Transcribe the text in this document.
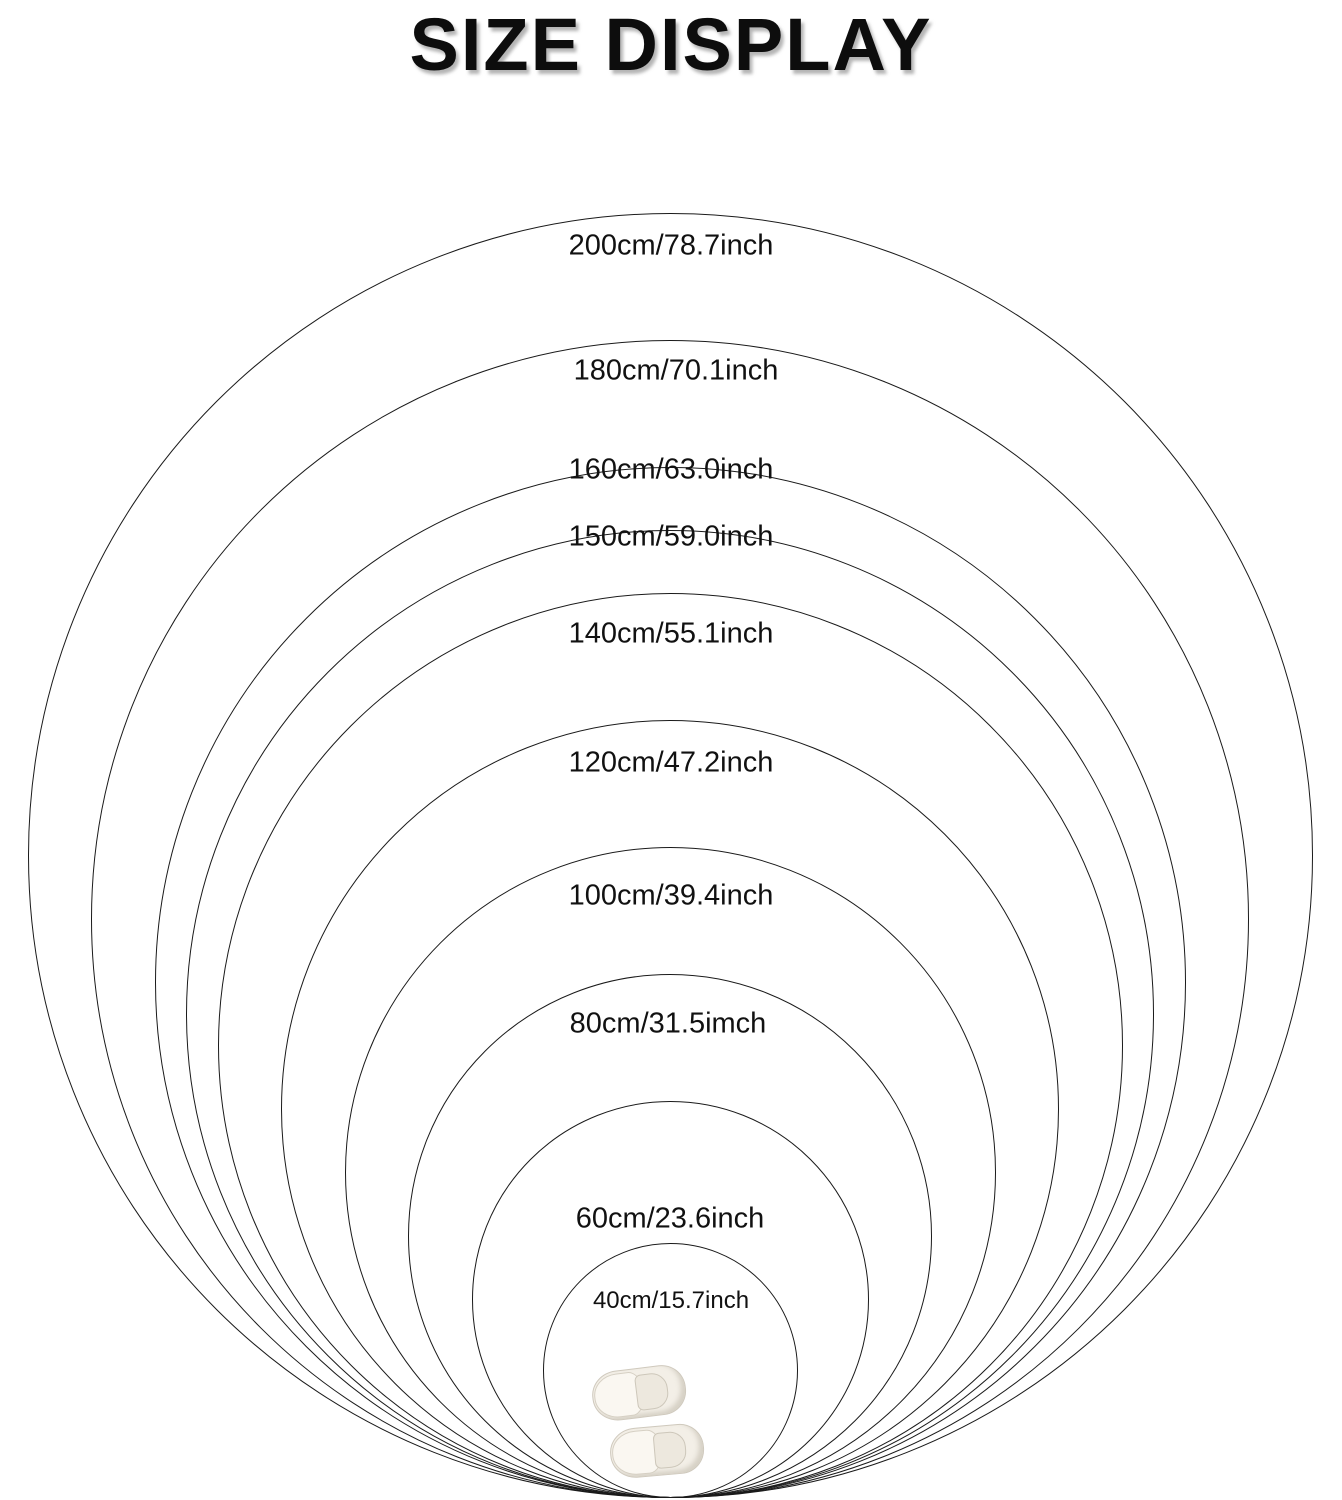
SIZE DISPLAY
200cm/78.7inch
180cm/70.1inch
160cm/63.0inch
150cm/59.0inch
140cm/55.1inch
120cm/47.2inch
100cm/39.4inch
80cm/31.5imch
60cm/23.6inch
40cm/15.7inch
